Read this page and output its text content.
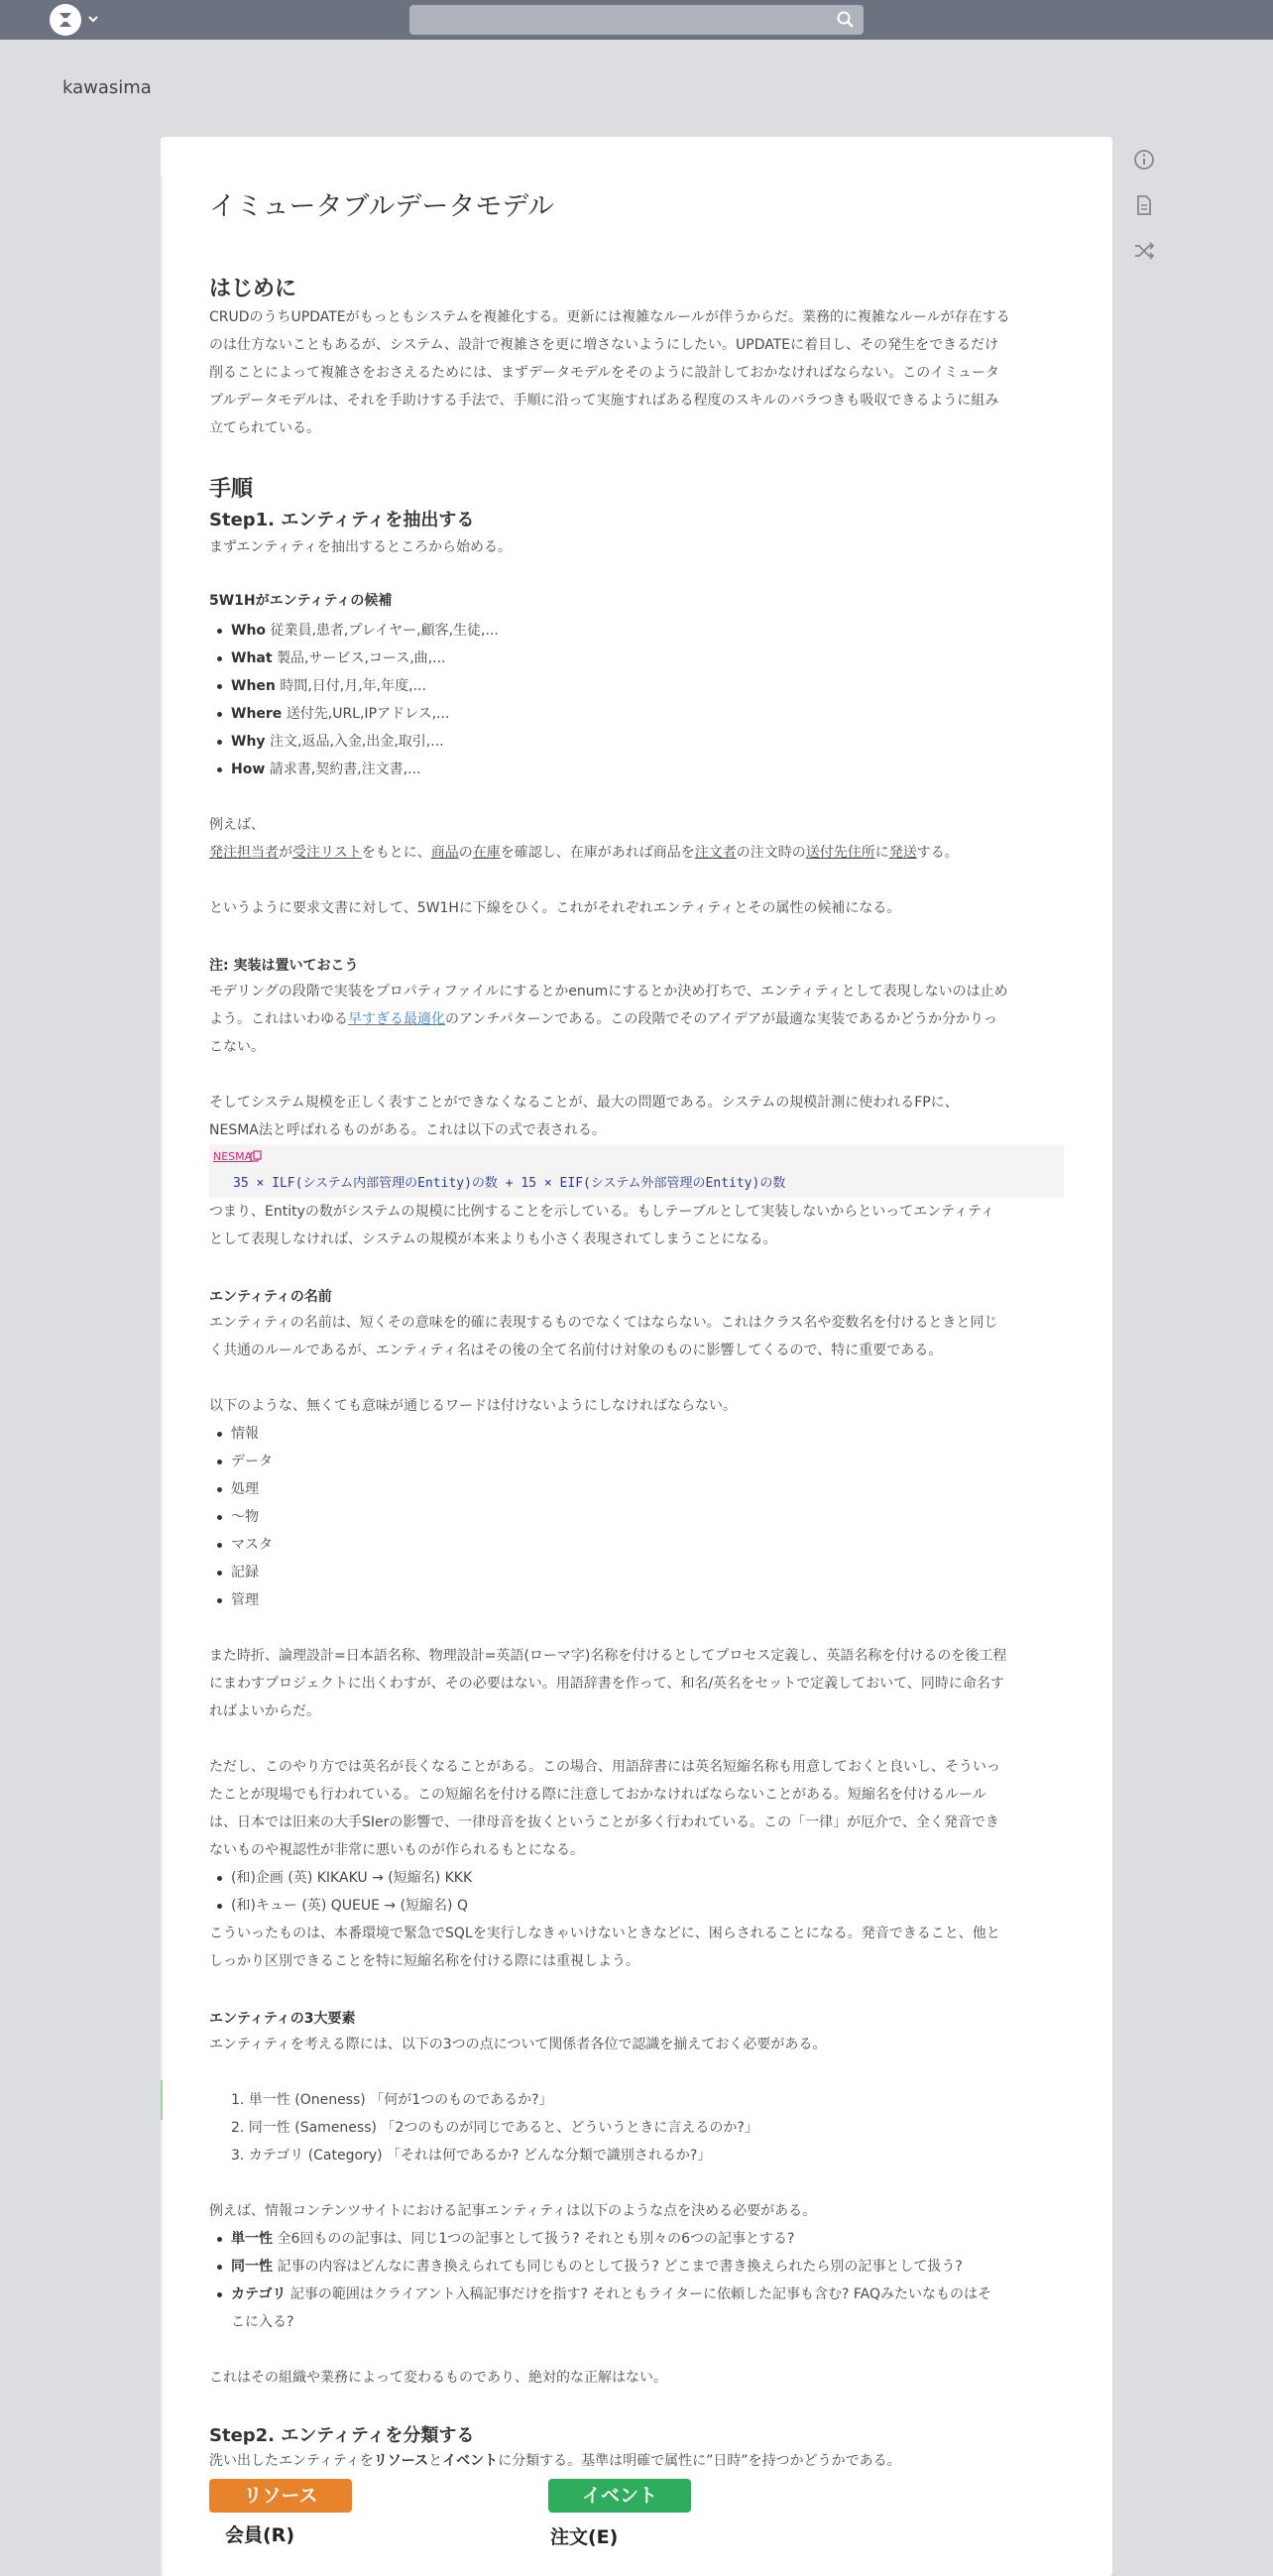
kawasima
イミュータブルデータモデル
はじめに
CRUDのうちUPDATEがもっともシステムを複雑化する。更新には複雑なルールが伴うからだ。業務的に複雑なルールが存在する
のは仕方ないこともあるが、システム、設計で複雑さを更に増さないようにしたい。UPDATEに着目し、その発生をできるだけ
削ることによって複雑さをおさえるためには、まずデータモデルをそのように設計しておかなければならない。このイミュータ
ブルデータモデルは、それを手助けする手法で、手順に沿って実施すればある程度のスキルのバラつきも吸収できるように組み
立てられている。
手順
Step1. エンティティを抽出する
まずエンティティを抽出するところから始める。
5W1Hがエンティティの候補
Who 従業員,患者,プレイヤー,顧客,生徒,...
What 製品,サービス,コース,曲,...
When 時間,日付,月,年,年度,...
Where 送付先,URL,IPアドレス,...
Why 注文,返品,入金,出金,取引,...
How 請求書,契約書,注文書,...
例えば、
発注担当者が受注リストをもとに、商品の在庫を確認し、在庫があれば商品を注文者の注文時の送付先住所に発送する。
というように要求文書に対して、5W1Hに下線をひく。これがそれぞれエンティティとその属性の候補になる。
注: 実装は置いておこう
モデリングの段階で実装をプロパティファイルにするとかenumにするとか決め打ちで、エンティティとして表現しないのは止め
よう。これはいわゆる早すぎる最適化のアンチパターンである。この段階でそのアイデアが最適な実装であるかどうか分かりっ
こない。
そしてシステム規模を正しく表すことができなくなることが、最大の問題である。システムの規模計測に使われるFPに、
NESMA法と呼ばれるものがある。これは以下の式で表される。
NESMA
35 × ILF(システム内部管理のEntity)の数 + 15 × EIF(システム外部管理のEntity)の数
つまり、Entityの数がシステムの規模に比例することを示している。もしテーブルとして実装しないからといってエンティティ
として表現しなければ、システムの規模が本来よりも小さく表現されてしまうことになる。
エンティティの名前
エンティティの名前は、短くその意味を的確に表現するものでなくてはならない。これはクラス名や変数名を付けるときと同じ
く共通のルールであるが、エンティティ名はその後の全て名前付け対象のものに影響してくるので、特に重要である。
以下のような、無くても意味が通じるワードは付けないようにしなければならない。
情報
データ
処理
〜物
マスタ
記録
管理
また時折、論理設計=日本語名称、物理設計=英語(ローマ字)名称を付けるとしてプロセス定義し、英語名称を付けるのを後工程
にまわすプロジェクトに出くわすが、その必要はない。用語辞書を作って、和名/英名をセットで定義しておいて、同時に命名す
ればよいからだ。
ただし、このやり方では英名が長くなることがある。この場合、用語辞書には英名短縮名称も用意しておくと良いし、そういっ
たことが現場でも行われている。この短縮名を付ける際に注意しておかなければならないことがある。短縮名を付けるルール
は、日本では旧来の大手SIerの影響で、一律母音を抜くということが多く行われている。この「一律」が厄介で、全く発音でき
ないものや視認性が非常に悪いものが作られるもとになる。
(和)企画 (英) KIKAKU → (短縮名) KKK
(和)キュー (英) QUEUE → (短縮名) Q
こういったものは、本番環境で緊急でSQLを実行しなきゃいけないときなどに、困らされることになる。発音できること、他と
しっかり区別できることを特に短縮名称を付ける際には重視しよう。
エンティティの3大要素
エンティティを考える際には、以下の3つの点について関係者各位で認識を揃えておく必要がある。
1. 単一性 (Oneness) 「何が1つのものであるか?」
2. 同一性 (Sameness) 「2つのものが同じであると、どういうときに言えるのか?」
3. カテゴリ (Category) 「それは何であるか? どんな分類で識別されるか?」
例えば、情報コンテンツサイトにおける記事エンティティは以下のような点を決める必要がある。
単一性 全6回ものの記事は、同じ1つの記事として扱う? それとも別々の6つの記事とする?
同一性 記事の内容はどんなに書き換えられても同じものとして扱う? どこまで書き換えられたら別の記事として扱う?
カテゴリ 記事の範囲はクライアント入稿記事だけを指す? それともライターに依頼した記事も含む? FAQみたいなものはそ
こに入る?
これはその組織や業務によって変わるものであり、絶対的な正解はない。
Step2. エンティティを分類する
洗い出したエンティティをリソースとイベントに分類する。基準は明確で属性に”日時”を持つかどうかである。
リソース	イベント
会員(R)	注文(E)
